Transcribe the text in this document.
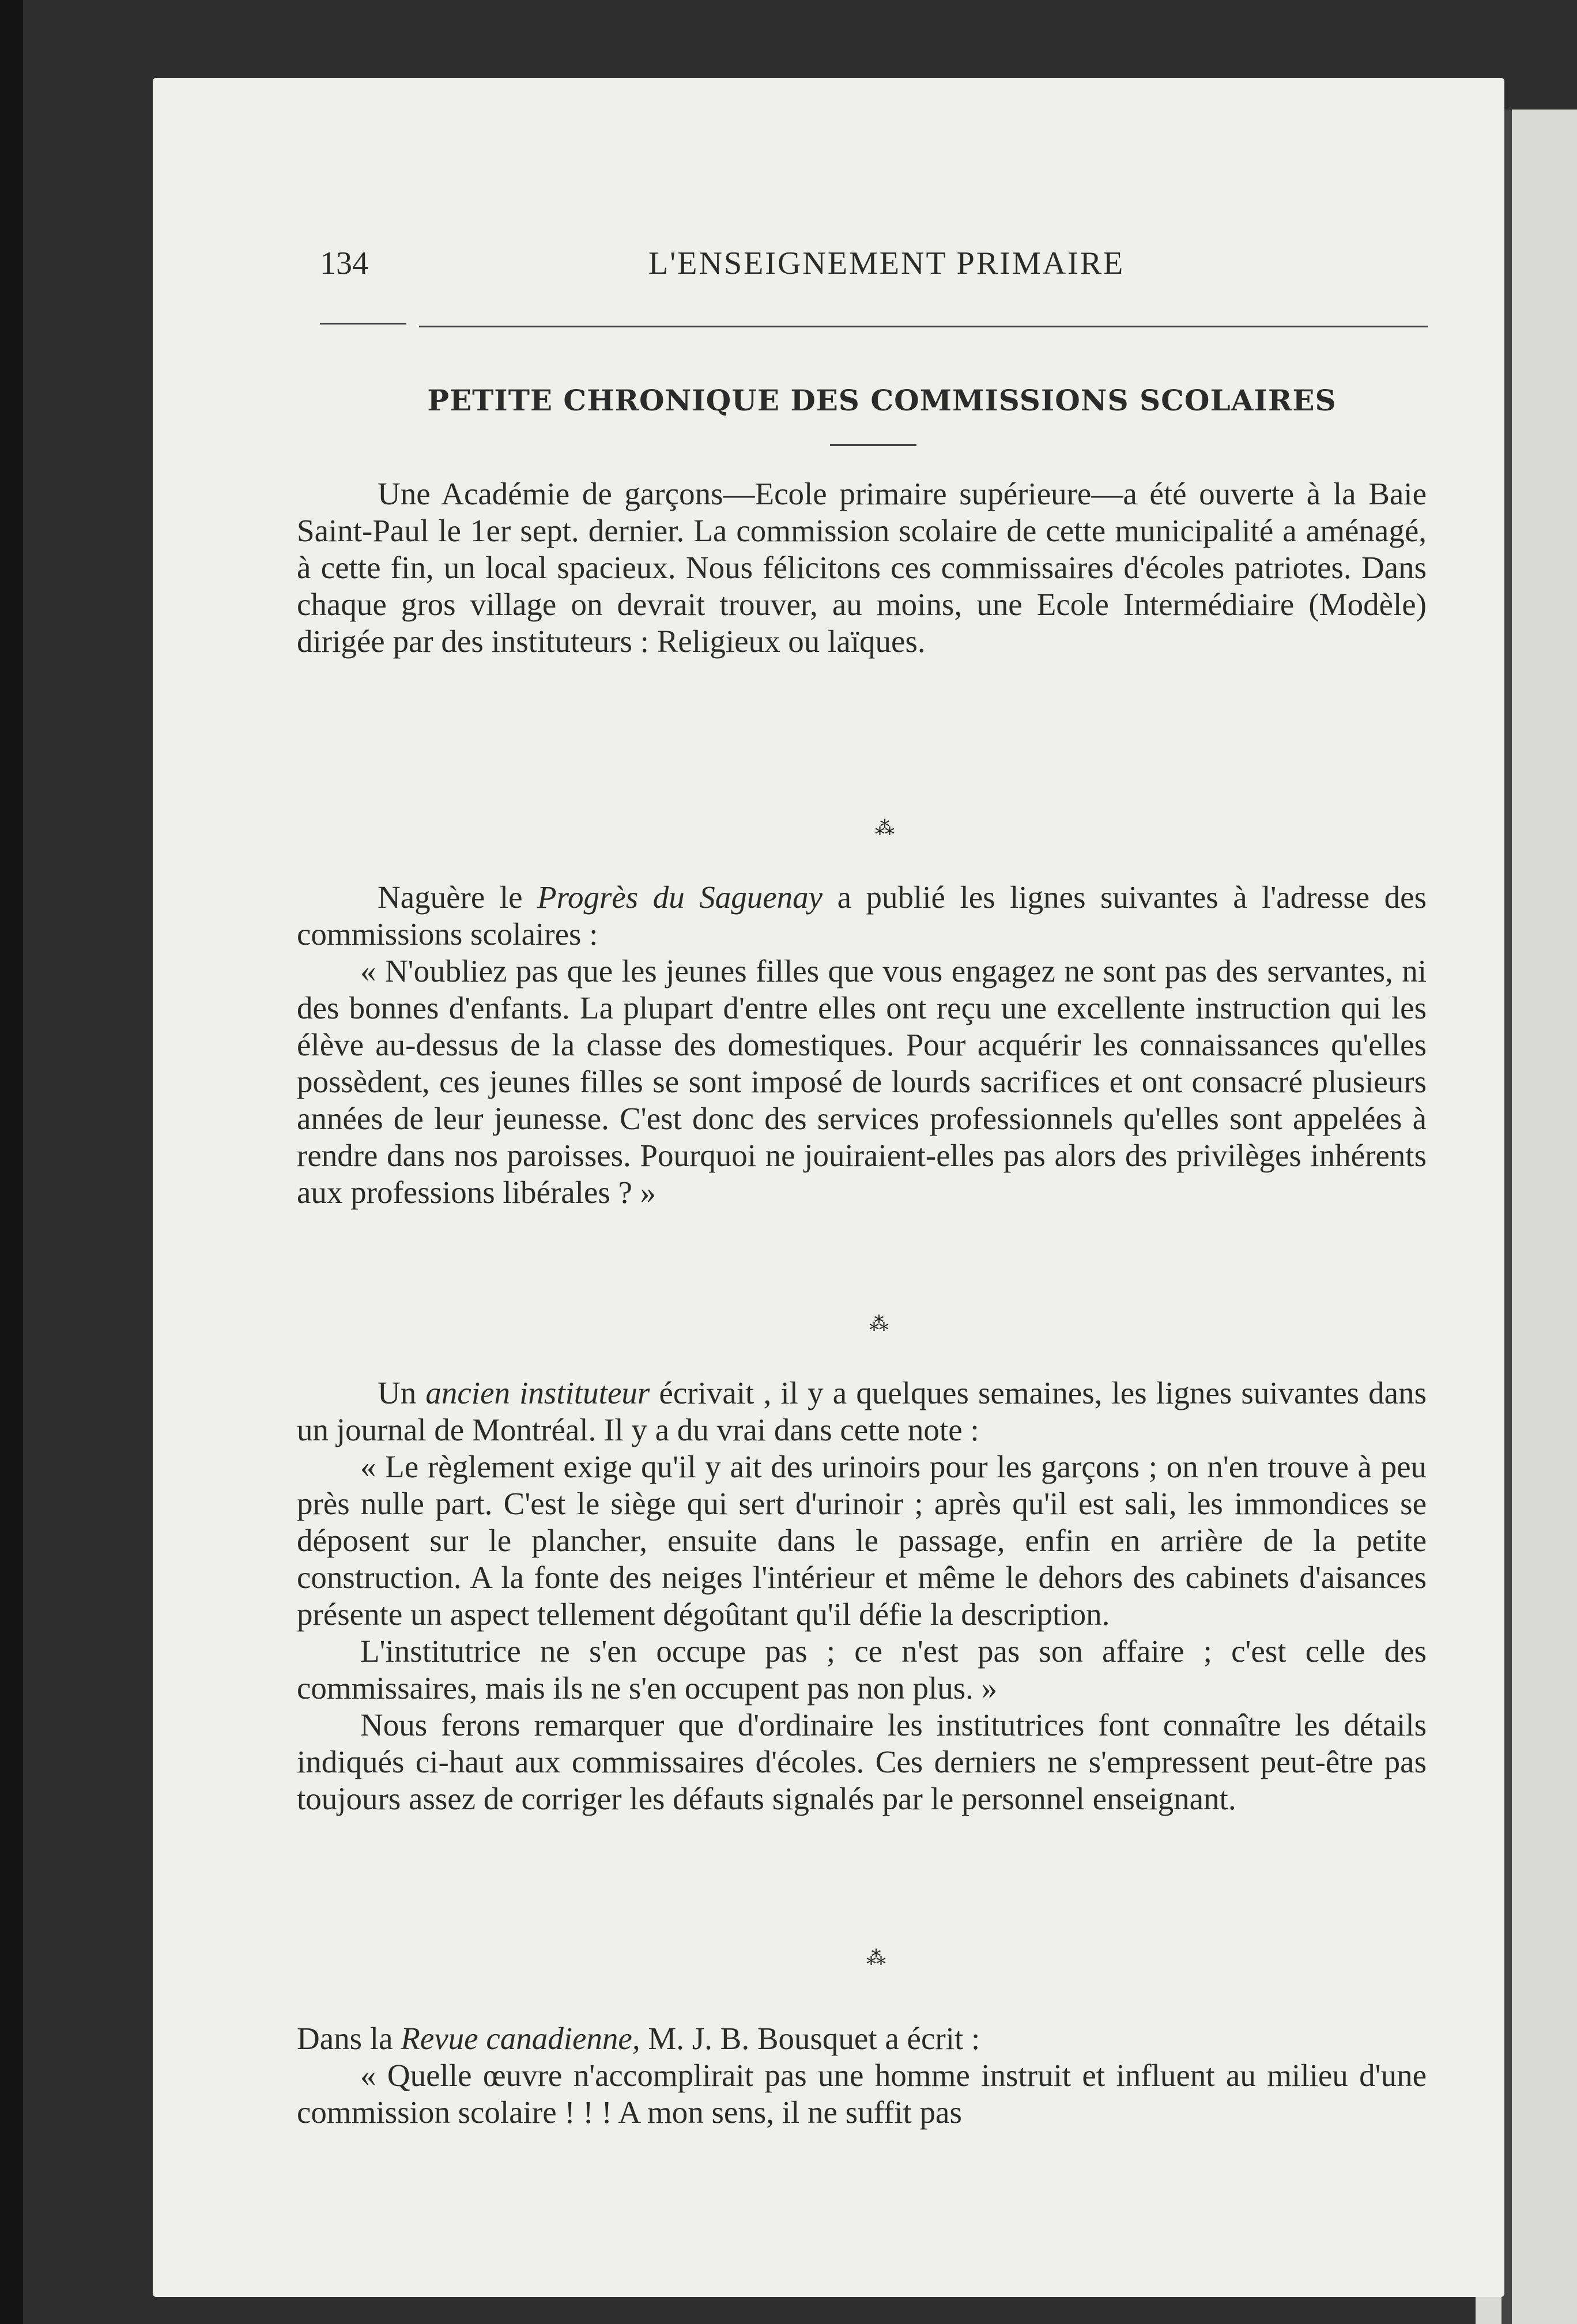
134	L'ENSEIGNEMENT PRIMAIRE
PETITE CHRONIQUE DES COMMISSIONS SCOLAIRES

Une Académie de garçons—Ecole primaire supérieure—a été ouverte à la Baie Saint-Paul le 1er sept. dernier. La commission scolaire de cette municipalité a aménagé, à cette fin, un local spacieux. Nous félicitons ces commissaires d'écoles patriotes. Dans chaque gros village on devrait trouver, au moins, une Ecole Intermédiaire (Modèle) dirigée par des instituteurs : Religieux ou laïques.

⁂

Naguère le Progrès du Saguenay a publié les lignes suivantes à l'adresse des commissions scolaires :

« N'oubliez pas que les jeunes filles que vous engagez ne sont pas des servantes, ni des bonnes d'enfants. La plupart d'entre elles ont reçu une excellente instruction qui les élève au-dessus de la classe des domestiques. Pour acquérir les connaissances qu'elles possèdent, ces jeunes filles se sont imposé de lourds sacrifices et ont consacré plusieurs années de leur jeunesse. C'est donc des services professionnels qu'elles sont appelées à rendre dans nos paroisses. Pourquoi ne jouiraient-elles pas alors des privilèges inhérents aux professions libérales ? »

⁂

Un ancien instituteur écrivait , il y a quelques semaines, les lignes suivantes dans un journal de Montréal. Il y a du vrai dans cette note :

« Le règlement exige qu'il y ait des urinoirs pour les garçons ; on n'en trouve à peu près nulle part. C'est le siège qui sert d'urinoir ; après qu'il est sali, les immondices se déposent sur le plancher, ensuite dans le passage, enfin en arrière de la petite construction. A la fonte des neiges l'intérieur et même le dehors des cabinets d'aisances présente un aspect tellement dégoûtant qu'il défie la description.

L'institutrice ne s'en occupe pas ; ce n'est pas son affaire ; c'est celle des commissaires, mais ils ne s'en occupent pas non plus. »

Nous ferons remarquer que d'ordinaire les institutrices font connaître les détails indiqués ci-haut aux commissaires d'écoles. Ces derniers ne s'empressent peut-être pas toujours assez de corriger les défauts signalés par le personnel enseignant.

⁂

Dans la Revue canadienne, M. J. B. Bousquet a écrit :

« Quelle œuvre n'accomplirait pas une homme instruit et influent au milieu d'une commission scolaire ! ! ! A mon sens, il ne suffit pas
